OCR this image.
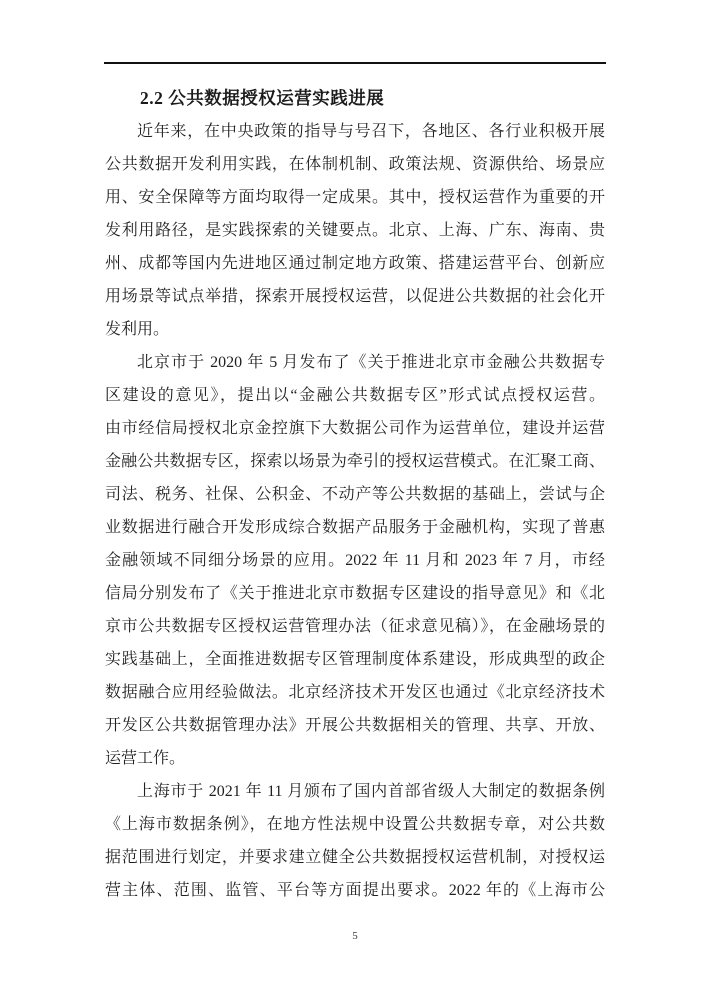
2.2 公共数据授权运营实践进展
近年来，在中央政策的指导与号召下，各地区、各行业积极开展
公共数据开发利用实践，在体制机制、政策法规、资源供给、场景应
用、安全保障等方面均取得一定成果。其中，授权运营作为重要的开
发利用路径，是实践探索的关键要点。北京、上海、广东、海南、贵
州、成都等国内先进地区通过制定地方政策、搭建运营平台、创新应
用场景等试点举措，探索开展授权运营，以促进公共数据的社会化开
发利用。
北京市于 2020 年 5 月发布了《关于推进北京市金融公共数据专
区建设的意见》，提出以“金融公共数据专区”形式试点授权运营。
由市经信局授权北京金控旗下大数据公司作为运营单位，建设并运营
金融公共数据专区，探索以场景为牵引的授权运营模式。在汇聚工商、
司法、税务、社保、公积金、不动产等公共数据的基础上，尝试与企
业数据进行融合开发形成综合数据产品服务于金融机构，实现了普惠
金融领域不同细分场景的应用。2022 年 11 月和 2023 年 7 月，市经
信局分别发布了《关于推进北京市数据专区建设的指导意见》和《北
京市公共数据专区授权运营管理办法（征求意见稿）》，在金融场景的
实践基础上，全面推进数据专区管理制度体系建设，形成典型的政企
数据融合应用经验做法。北京经济技术开发区也通过《北京经济技术
开发区公共数据管理办法》开展公共数据相关的管理、共享、开放、
运营工作。
上海市于 2021 年 11 月颁布了国内首部省级人大制定的数据条例
《上海市数据条例》，在地方性法规中设置公共数据专章，对公共数
据范围进行划定，并要求建立健全公共数据授权运营机制，对授权运
营主体、范围、监管、平台等方面提出要求。2022 年的《上海市公
5
